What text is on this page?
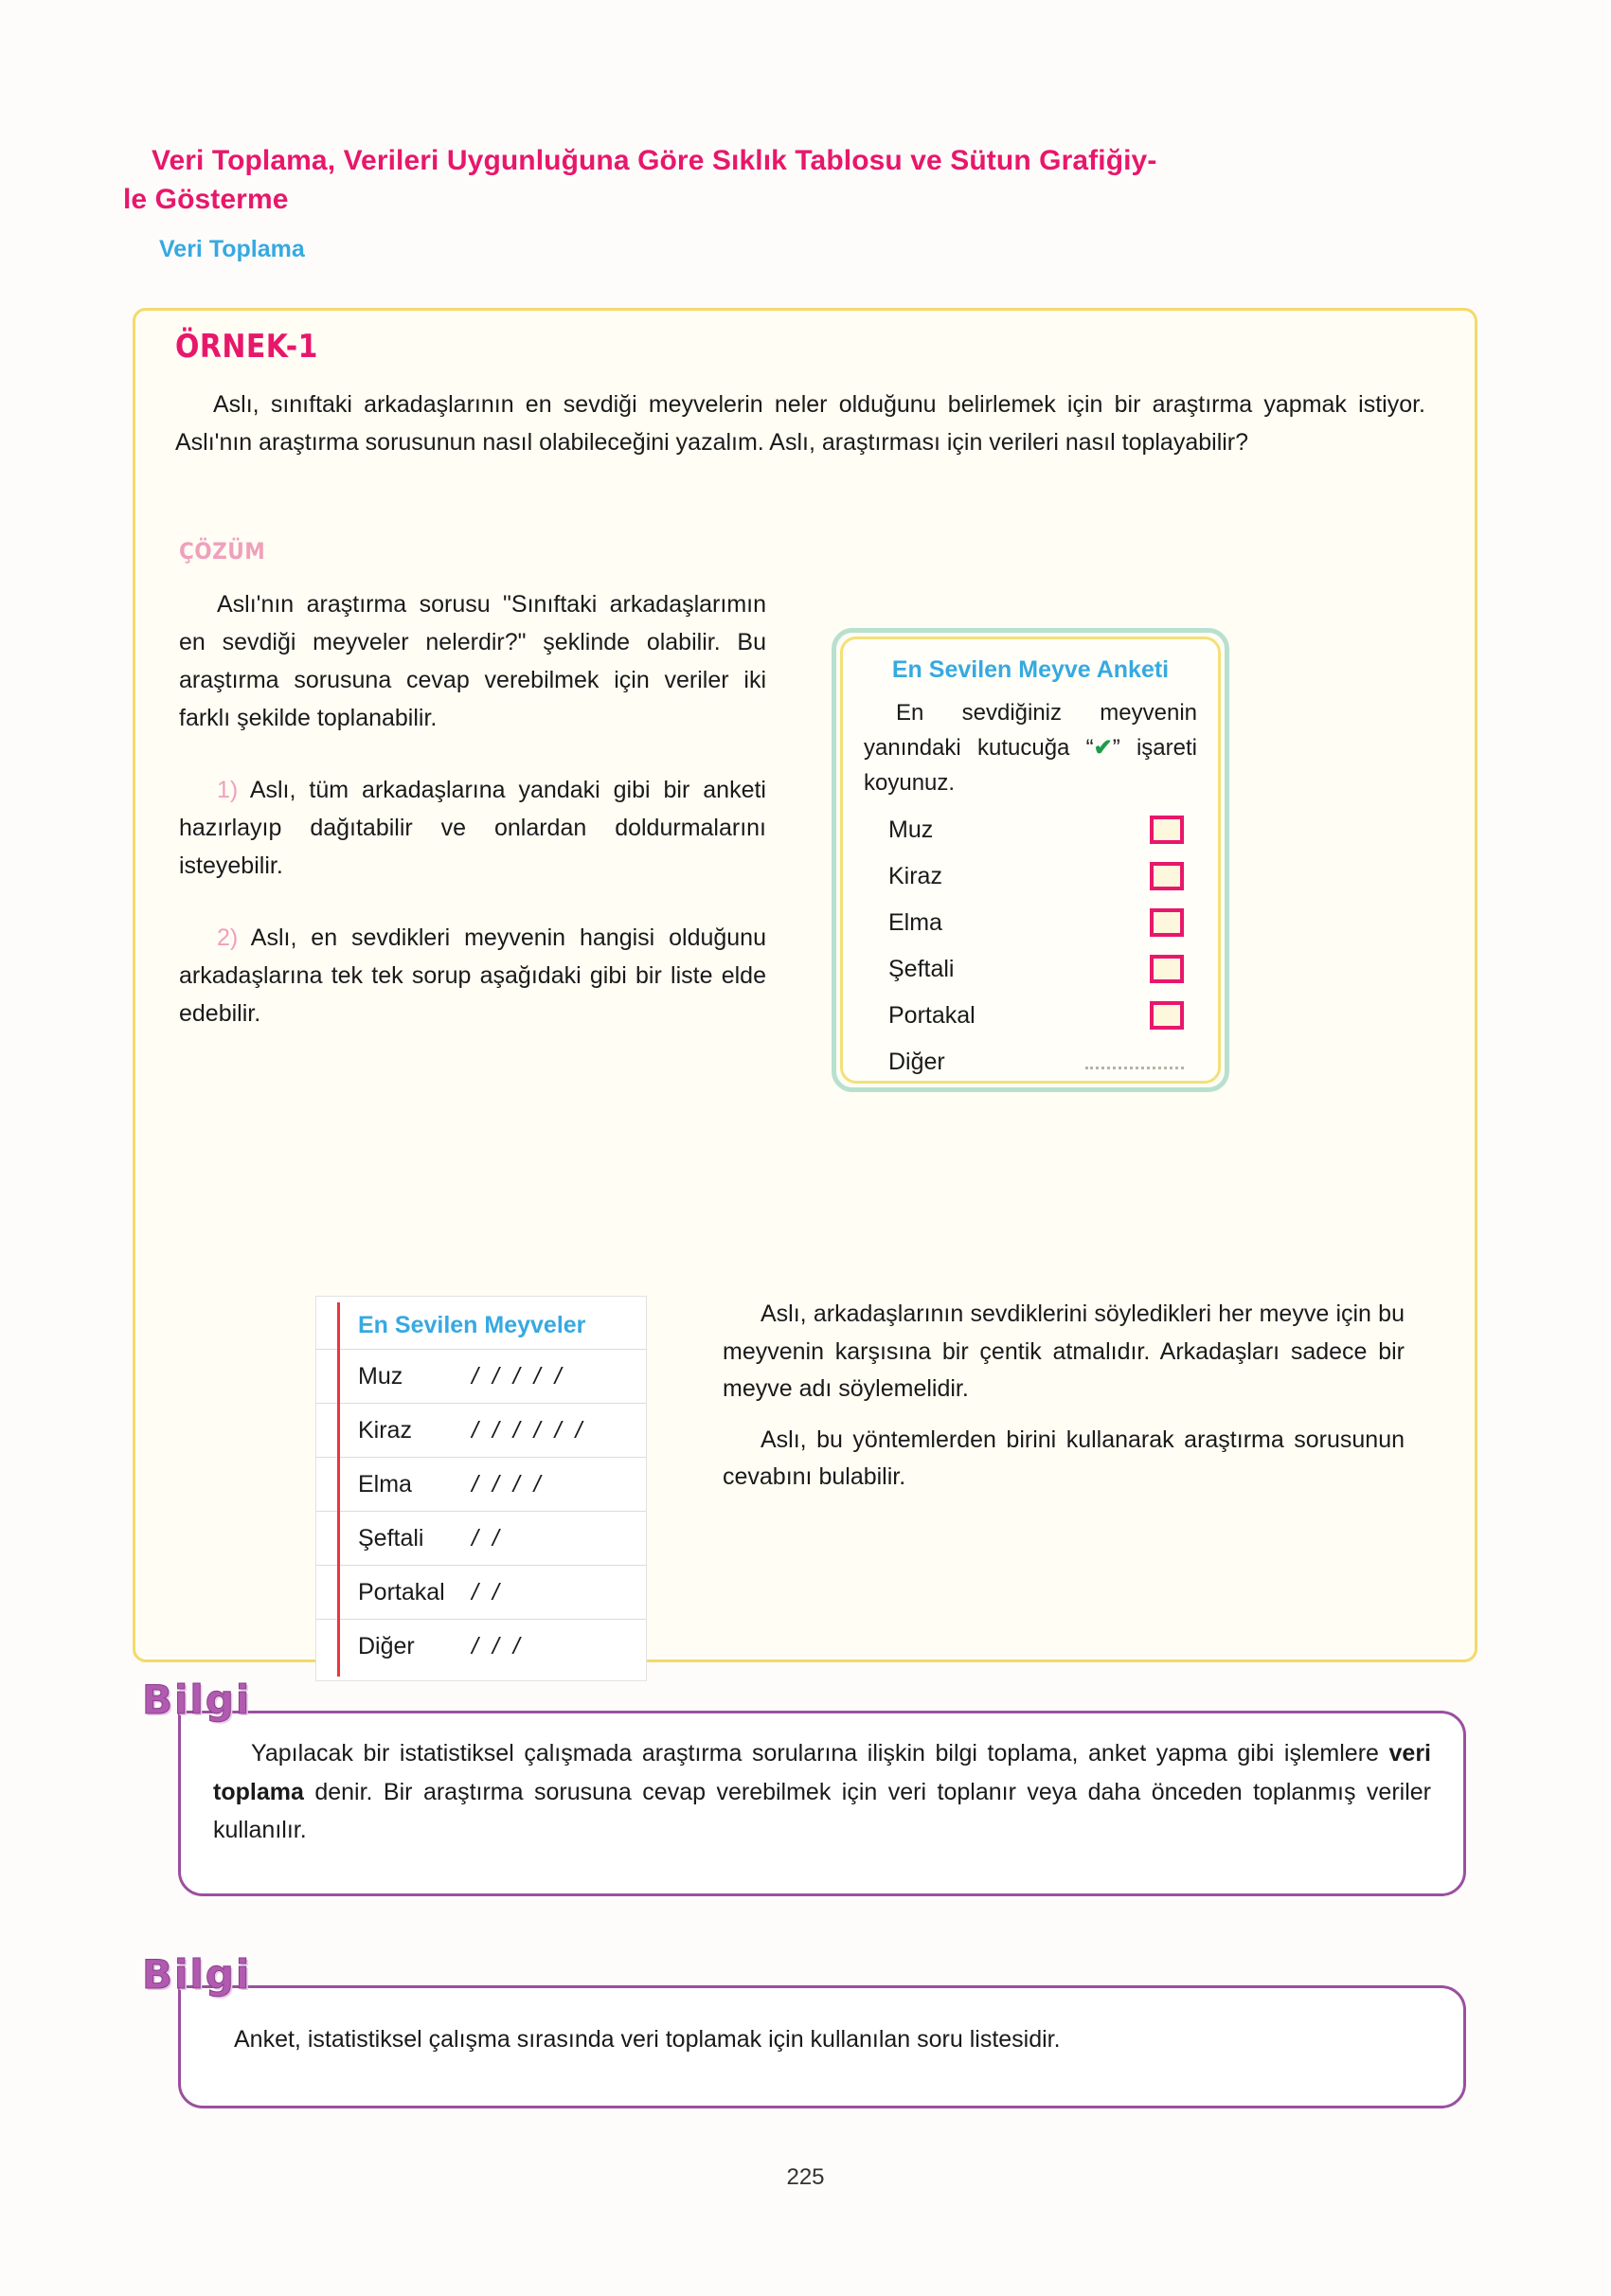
Veri Toplama, Verileri Uygunluğuna Göre Sıklık Tablosu ve Sütun Grafiğiy-
le Gösterme
Veri Toplama
ÖRNEK-1

Aslı, sınıftaki arkadaşlarının en sevdiği meyvelerin neler olduğunu belirlemek için bir araştırma yapmak istiyor. Aslı'nın araştırma sorusunun nasıl olabileceğini yazalım. Aslı, araştırması için verileri nasıl toplayabilir?

ÇÖZÜM

Aslı'nın araştırma sorusu "Sınıftaki arkadaşlarımın en sevdiği meyveler nelerdir?" şeklinde olabilir. Bu araştırma sorusuna cevap verebilmek için veriler iki farklı şekilde toplanabilir.

1) Aslı, tüm arkadaşlarına yandaki gibi bir anketi hazırlayıp dağıtabilir ve onlardan doldurmalarını isteyebilir.

2) Aslı, en sevdikleri meyvenin hangisi olduğunu arkadaşlarına tek tek sorup aşağıdaki gibi bir liste elde edebilir.

En Sevilen Meyve Anketi

En sevdiğiniz meyvenin yanındaki kutucuğa “✔” işareti koyunuz.

Muz
Kiraz
Elma
Şeftali
Portakal
Diğer
En Sevilen Meyveler
Muz	/ / / / /
Kiraz	/ / / / / /
Elma	/ / / /
Şeftali	/ /
Portakal	/ /
Diğer	/ / /

Aslı, arkadaşlarının sevdiklerini söyledikleri her meyve için bu meyvenin karşısına bir çentik atmalıdır. Arkadaşları sadece bir meyve adı söylemelidir.

Aslı, bu yöntemlerden birini kullanarak araştırma sorusunun cevabını bulabilir.

Bilgi

Yapılacak bir istatistiksel çalışmada araştırma sorularına ilişkin bilgi toplama, anket yapma gibi işlemlere veri toplama denir. Bir araştırma sorusuna cevap verebilmek için veri toplanır veya daha önceden toplanmış veriler kullanılır.

Bilgi

Anket, istatistiksel çalışma sırasında veri toplamak için kullanılan soru listesidir.

225
